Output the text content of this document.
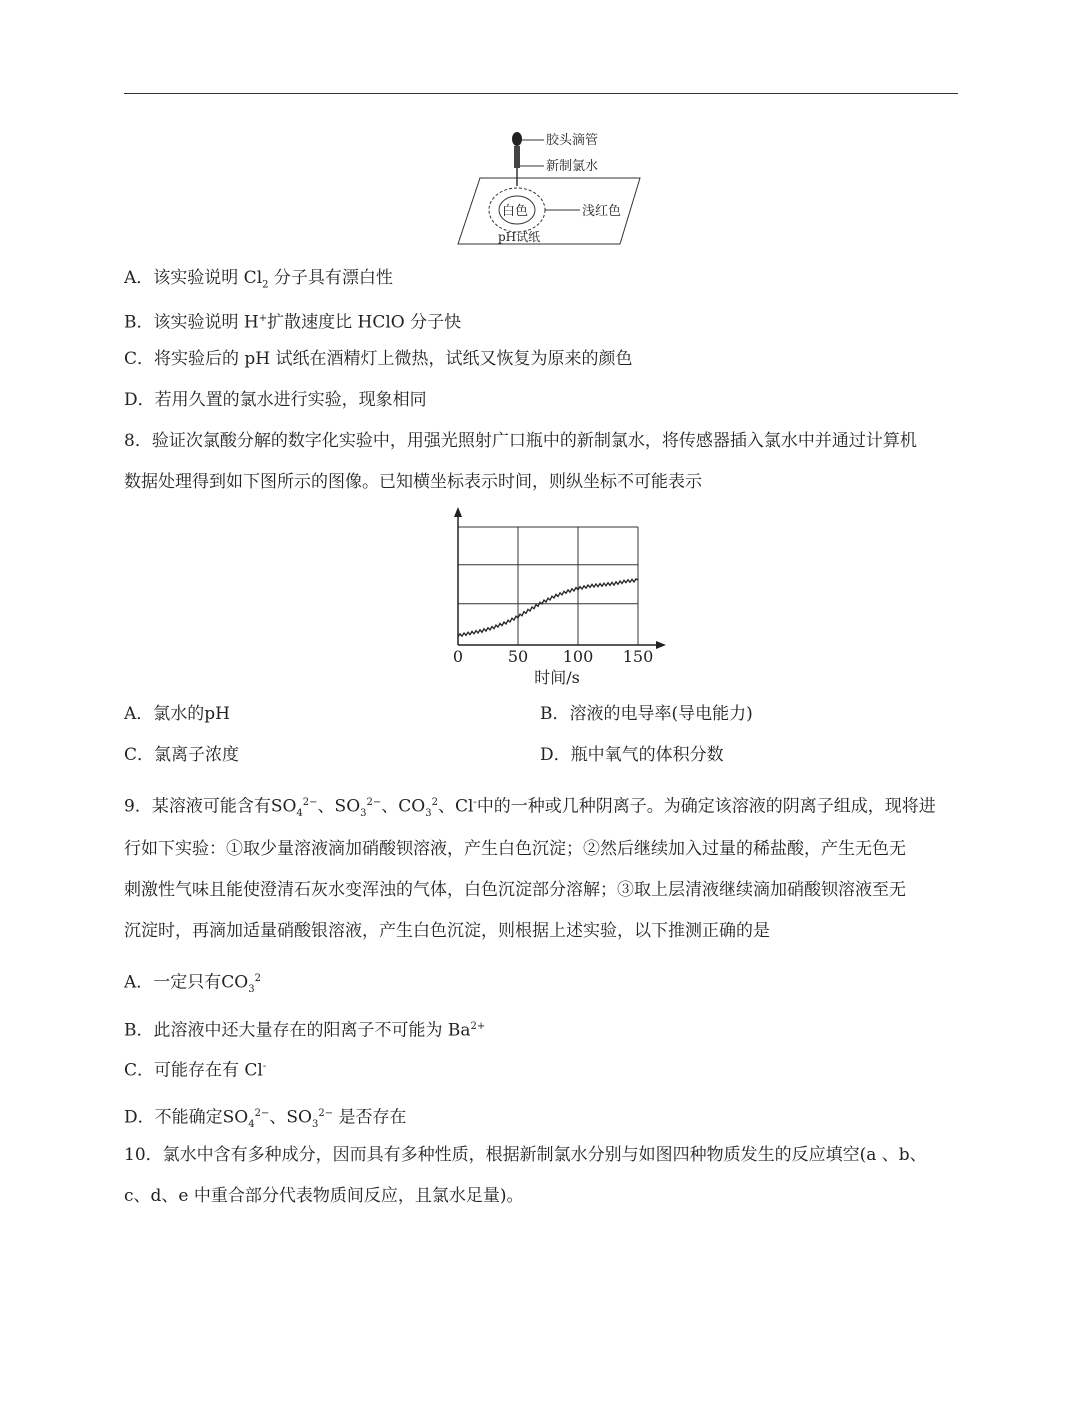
胶头滴管
新制氯水
白色	浅红色
pH试纸
A．该实验说明 $Cl_2$ 分子具有漂白性
B．该实验说明 H+扩散速度比 HClO 分子快
C．将实验后的 pH 试纸在酒精灯上微热，试纸又恢复为原来的颜色
D．若用久置的氯水进行实验，现象相同
8．验证次氯酸分解的数字化实验中，用强光照射广口瓶中的新制氯水，将传感器插入氯水中并通过计算机
数据处理得到如下图所示的图像。已知横坐标表示时间，则纵坐标不可能表示
0	50 100 150
时间/s
A．氯水的pH	B．溶液的电导率(导电能力)
C．氯离子浓度	D．瓶中氧气的体积分数
9．某溶液可能含有$SO_4^{2-}$、$SO_3^{2-}$、$CO_3^2$、Cl-中的一种或几种阴离子。为确定该溶液的阴离子组成，现将进
行如下实验：①取少量溶液滴加硝酸钡溶液，产生白色沉淀；②然后继续加入过量的稀盐酸，产生无色无
刺激性气味且能使澄清石灰水变浑浊的气体，白色沉淀部分溶解；③取上层清液继续滴加硝酸钡溶液至无
沉淀时，再滴加适量硝酸银溶液，产生白色沉淀，则根据上述实验，以下推测正确的是
A．一定只有$CO_3^2$
B．此溶液中还大量存在的阳离子不可能为 $Ba^{2+}$
C．可能存在有 Cl-
D．不能确定$SO_4^{2-}$、$SO_3^{2-}$ 是否存在
10．氯水中含有多种成分，因而具有多种性质，根据新制氯水分别与如图四种物质发生的反应填空(a 、b、
c、d、e 中重合部分代表物质间反应，且氯水足量)。
